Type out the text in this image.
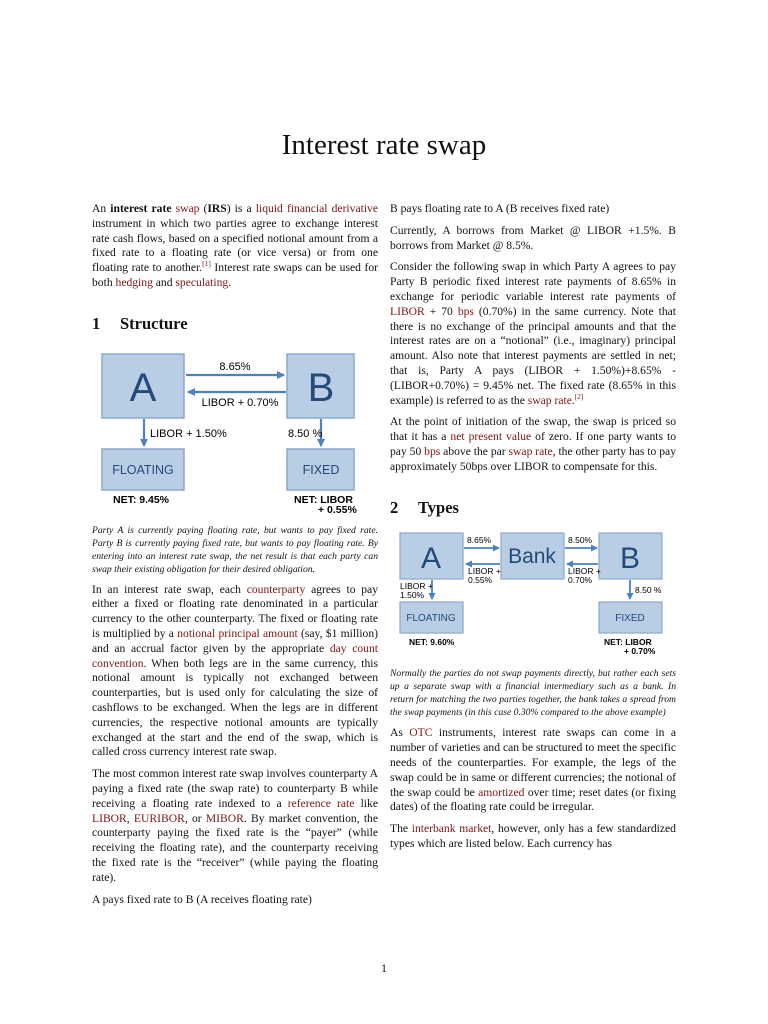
Interest rate swap

An interest rate swap (IRS) is a liquid financial derivative instrument in which two parties agree to exchange interest rate cash flows, based on a specified notional amount from a fixed rate to a floating rate (or vice versa) or from one floating rate to another.[1] Interest rate swaps can be used for both hedging and speculating.

1 Structure
A	B
8.65%
LIBOR + 0.70%
LIBOR + 1.50%	8.50 %
FLOATING	FIXED
NET: 9.45%	NET: LIBOR
+ 0.55%

Party A is currently paying floating rate, but wants to pay fixed rate. Party B is currently paying fixed rate, but wants to pay floating rate. By entering into an interest rate swap, the net result is that each party can swap their existing obligation for their desired obligation.

In an interest rate swap, each counterparty agrees to pay either a fixed or floating rate denominated in a particular currency to the other counterparty. The fixed or floating rate is multiplied by a notional principal amount (say, $1 million) and an accrual factor given by the appropriate day count convention. When both legs are in the same currency, this notional amount is typically not exchanged between counterparties, but is used only for calculating the size of cashflows to be exchanged. When the legs are in different currencies, the respective notional amounts are typically exchanged at the start and the end of the swap, which is called cross currency interest rate swap.

The most common interest rate swap involves counterparty A paying a fixed rate (the swap rate) to counterparty B while receiving a floating rate indexed to a reference rate like LIBOR, EURIBOR, or MIBOR. By market convention, the counterparty paying the fixed rate is the “payer” (while receiving the floating rate), and the counterparty receiving the fixed rate is the “receiver” (while paying the floating rate).

A pays fixed rate to B (A receives floating rate)

B pays floating rate to A (B receives fixed rate)

Currently, A borrows from Market @ LIBOR +1.5%. B borrows from Market @ 8.5%.

Consider the following swap in which Party A agrees to pay Party B periodic fixed interest rate payments of 8.65% in exchange for periodic variable interest rate payments of LIBOR + 70 bps (0.70%) in the same currency. Note that there is no exchange of the principal amounts and that the interest rates are on a “notional” (i.e., imaginary) principal amount. Also note that interest payments are settled in net; that is, Party A pays (LIBOR + 1.50%)+8.65% - (LIBOR+0.70%) = 9.45% net. The fixed rate (8.65% in this example) is referred to as the swap rate.[2]

At the point of initiation of the swap, the swap is priced so that it has a net present value of zero. If one party wants to pay 50 bps above the par swap rate, the other party has to pay approximately 50bps over LIBOR to compensate for this.

2 Types
A	Bank B
8.65%
LIBOR +
0.55%
8.50%
LIBOR +
0.70%
LIBOR +
1.50%	8.50 %
FLOATING	FIXED
NET: 9.60%	NET: LIBOR
+ 0.70%

Normally the parties do not swap payments directly, but rather each sets up a separate swap with a financial intermediary such as a bank. In return for matching the two parties together, the bank takes a spread from the swap payments (in this case 0.30% compared to the above example)

As OTC instruments, interest rate swaps can come in a number of varieties and can be structured to meet the specific needs of the counterparties. For example, the legs of the swap could be in same or different currencies; the notional of the swap could be amortized over time; reset dates (or fixing dates) of the floating rate could be irregular.

The interbank market, however, only has a few standardized types which are listed below. Each currency has

1
